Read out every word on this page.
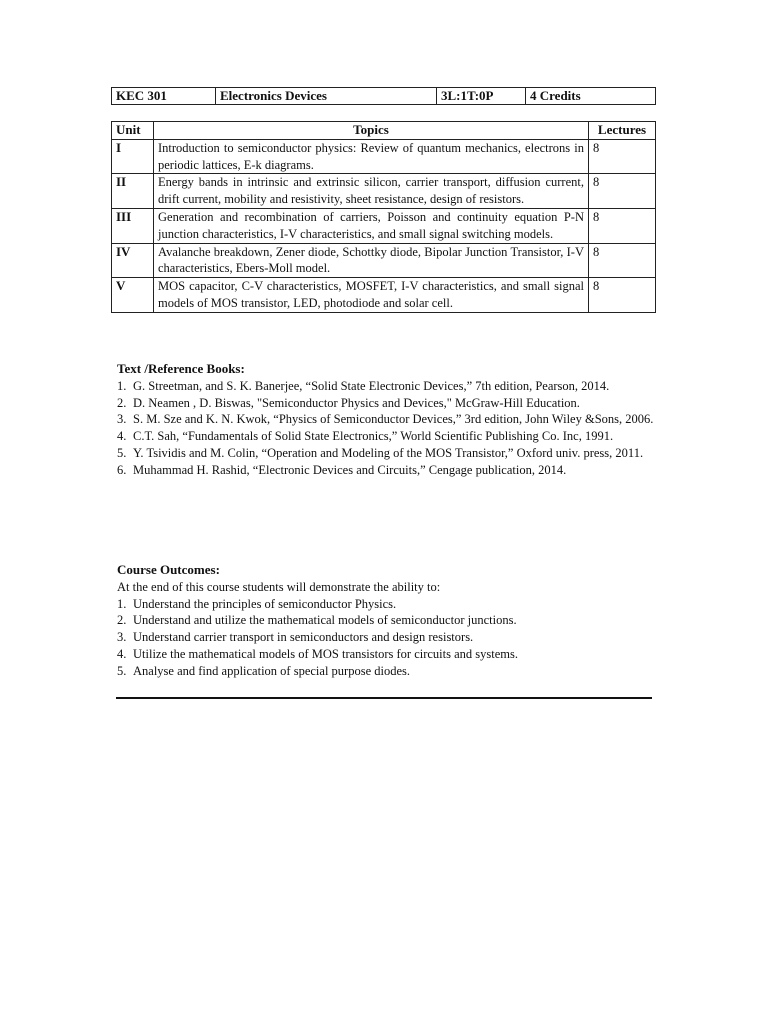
KEC 301	Electronics Devices	3L:1T:0P	4 Credits
Unit	Topics	Lectures
I	Introduction to semiconductor physics: Review of quantum mechanics, electrons in periodic lattices, E-k diagrams.	8
II	Energy bands in intrinsic and extrinsic silicon, carrier transport, diffusion current, drift current, mobility and resistivity, sheet resistance, design of resistors.	8
III	Generation and recombination of carriers, Poisson and continuity equation P-N junction characteristics, I-V characteristics, and small signal switching models.	8
IV	Avalanche breakdown, Zener diode, Schottky diode, Bipolar Junction Transistor, I-V characteristics, Ebers-Moll model.	8
V	MOS capacitor, C-V characteristics, MOSFET, I-V characteristics, and small signal models of MOS transistor, LED, photodiode and solar cell.	8
Text /Reference Books:
1. G. Streetman, and S. K. Banerjee, “Solid State Electronic Devices,” 7th edition, Pearson, 2014.
2. D. Neamen , D. Biswas, "Semiconductor Physics and Devices," McGraw-Hill Education.
3. S. M. Sze and K. N. Kwok, “Physics of Semiconductor Devices,” 3rd edition, John Wiley &Sons, 2006.
4. C.T. Sah, “Fundamentals of Solid State Electronics,” World Scientific Publishing Co. Inc, 1991.
5. Y. Tsividis and M. Colin, “Operation and Modeling of the MOS Transistor,” Oxford univ. press, 2011.
6. Muhammad H. Rashid, “Electronic Devices and Circuits,” Cengage publication, 2014.
Course Outcomes:

At the end of this course students will demonstrate the ability to:

1. Understand the principles of semiconductor Physics.
2. Understand and utilize the mathematical models of semiconductor junctions.
3. Understand carrier transport in semiconductors and design resistors.
4. Utilize the mathematical models of MOS transistors for circuits and systems.
5. Analyse and find application of special purpose diodes.
